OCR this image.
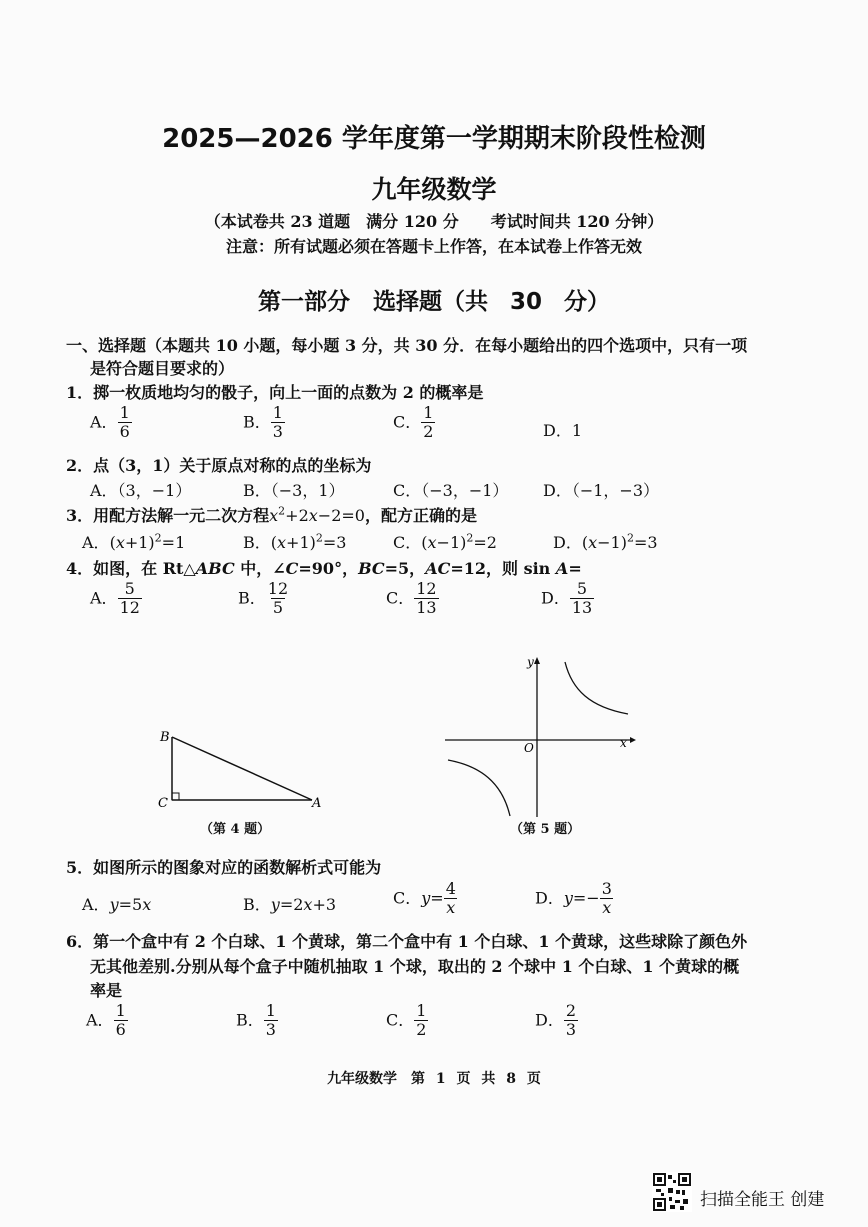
2025—2026 学年度第一学期期末阶段性检测
九年级数学
（本试卷共 23 道题　满分 120 分　　考试时间共 120 分钟）
注意：所有试题必须在答题卡上作答，在本试卷上作答无效
第一部分　选择题（共 30 分）
一、选择题（本题共 10 小题，每小题 3 分，共 30 分．在每小题给出的四个选项中，只有一项
是符合题目要求的）
1．掷一枚质地均匀的骰子，向上一面的点数为 2 的概率是
A． $\frac{1}{6}$	B． $\frac{1}{3}$	C． $\frac{1}{2}$	D．1
2．点（3，1）关于原点对称的点的坐标为
A．（3，−1）	B．（−3，1）	C．（−3，−1） D．（−1，−3）
3．用配方法解一元二次方程$x^2+2x-2=0$，配方正确的是
A．$(x+1)^2=1$	B．$(x+1)^2=3$	C．$(x-1)^2=2$	D．$(x-1)^2=3$
4．如图，在 Rt△ABC 中，∠C=90°，BC=5，AC=12，则 sin A=
A． $\frac{5}{12}$	B． $\frac{12}{5}$	C． $\frac{12}{13}$	D． $\frac{5}{13}$
B
C	A
（第 4 题）
y
x
O
（第 5 题）
5．如图所示的图象对应的函数解析式可能为
A．y=5x	B．y=2x+3	C．$y= \frac{4}{x}$	D．$y=- \frac{3}{x}$
6．第一个盒中有 2 个白球、1 个黄球，第二个盒中有 1 个白球、1 个黄球，这些球除了颜色外
无其他差别.分别从每个盒子中随机抽取 1 个球，取出的 2 个球中 1 个白球、1 个黄球的概
率是
A． $\frac{1}{6}$	B． $\frac{1}{3}$	C． $\frac{1}{2}$	D． $\frac{2}{3}$
九年级数学　第 1 页 共 8 页
扫描全能王 创建
